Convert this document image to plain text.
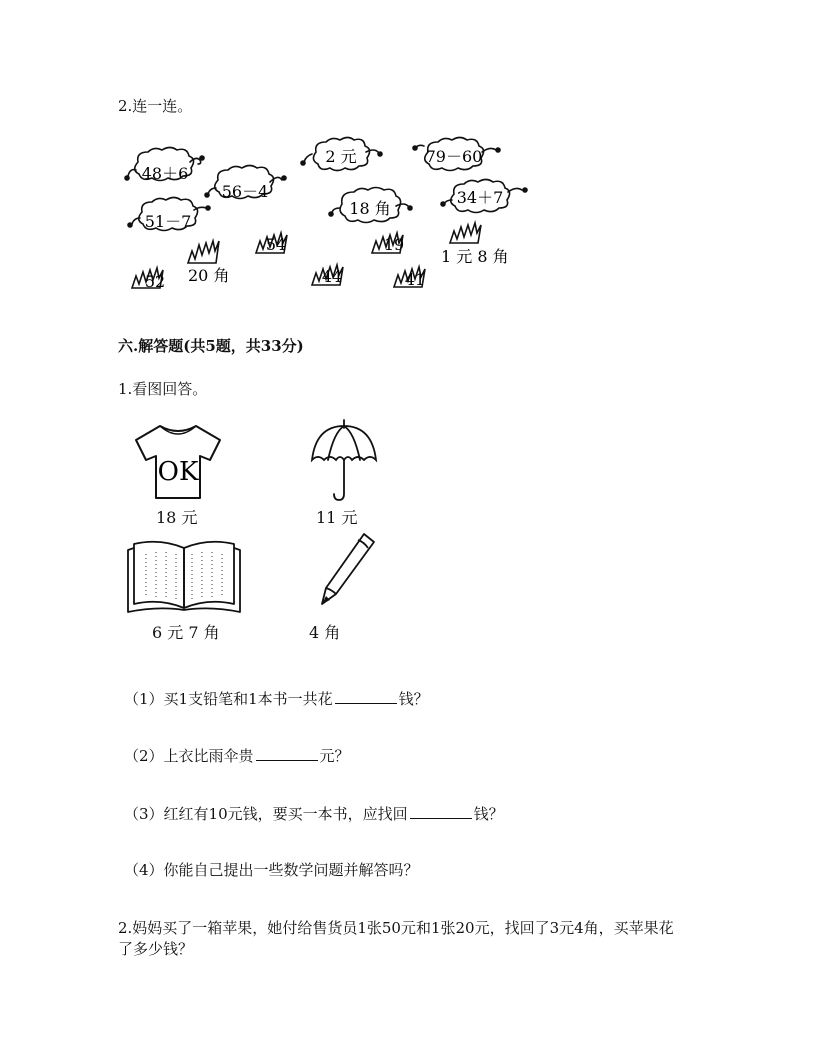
2.连一连。
48＋6
56－4
51－7
2 元
18 角
79－60
34＋7
54	19
52	44	41
20 角
1 元 8 角
六.解答题(共5题，共33分)
1.看图回答。
OK
18 元	11 元
6 元 7 角	4 角
（1）买1支铅笔和1本书一共花	钱？
（2）上衣比雨伞贵	元？
（3）红红有10元钱，要买一本书，应找回	钱？
（4）你能自己提出一些数学问题并解答吗？
2.妈妈买了一箱苹果，她付给售货员1张50元和1张20元，找回了3元4角，买苹果花
了多少钱？
